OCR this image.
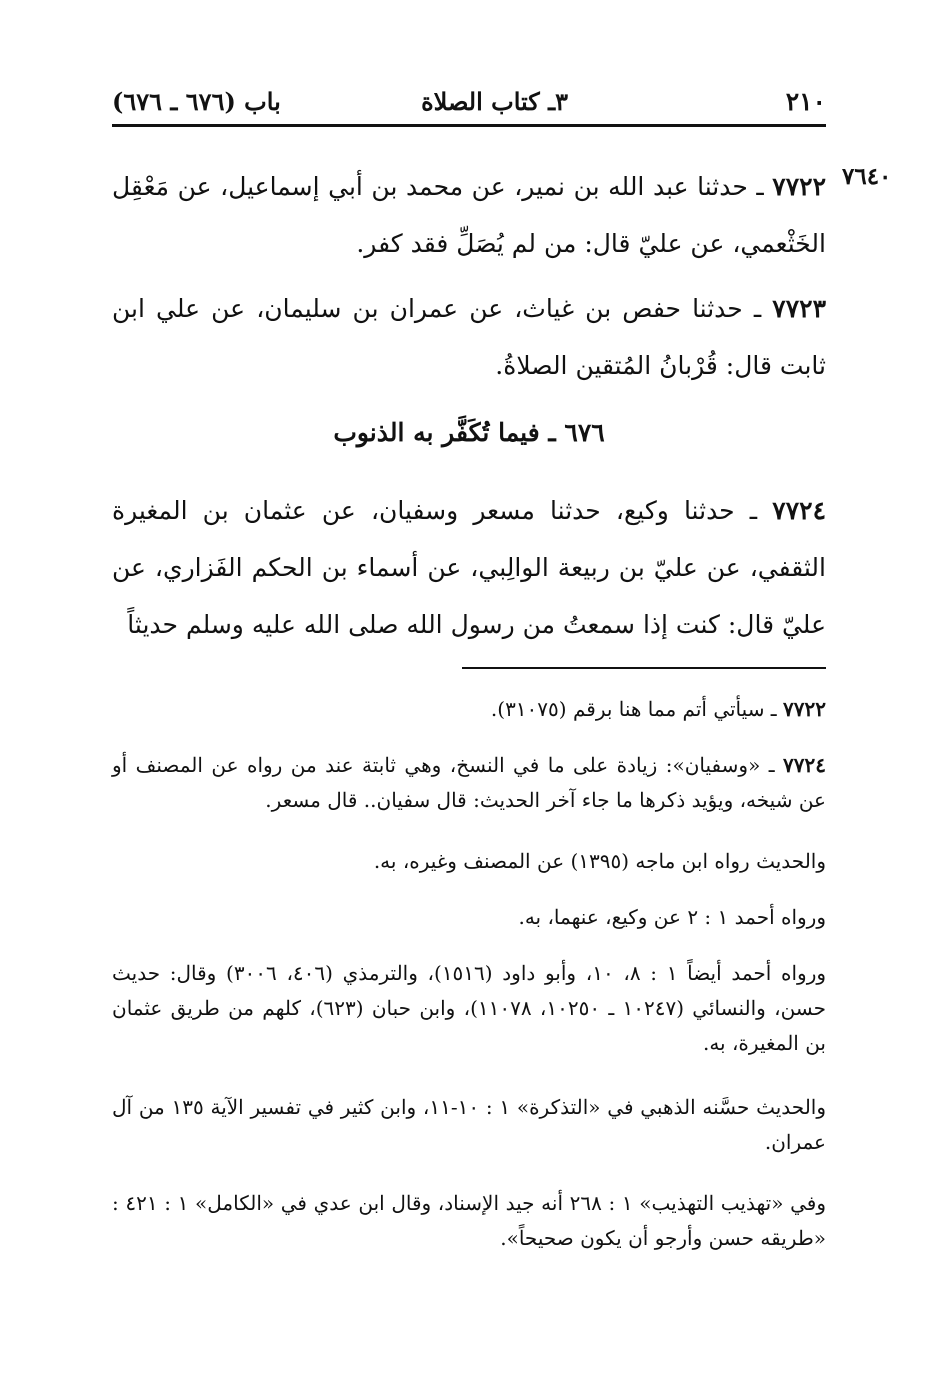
٢١٠
٣ـ كتاب الصلاة
باب (٦٧٦ ـ ٦٧٦)
٧٦٤٠
٧٧٢٢ ـ حدثنا عبد الله بن نمير، عن محمد بن أبي إسماعيل، عن مَعْقِل الخَثْعمي، عن عليّ قال: من لم يُصَلِّ فقد كفر.
٧٧٢٣ ـ حدثنا حفص بن غياث، عن عمران بن سليمان، عن علي ابن ثابت قال: قُرْبانُ المُتقين الصلاةُ.
٦٧٦ ـ فيما تُكَفَّر به الذنوب
٧٧٢٤ ـ حدثنا وكيع، حدثنا مسعر وسفيان، عن عثمان بن المغيرة الثقفي، عن عليّ بن ربيعة الوالِبي، عن أسماء بن الحكم الفَزاري، عن عليّ قال: كنت إذا سمعتُ من رسول الله صلى الله عليه وسلم حديثاً
٧٧٢٢ ـ سيأتي أتم مما هنا برقم (٣١٠٧٥).
٧٧٢٤ ـ «وسفيان»: زيادة على ما في النسخ، وهي ثابتة عند من رواه عن المصنف أو عن شيخه، ويؤيد ذكرها ما جاء آخر الحديث: قال سفيان.. قال مسعر.
والحديث رواه ابن ماجه (١٣٩٥) عن المصنف وغيره، به.
ورواه أحمد ١ : ٢ عن وكيع، عنهما، به.
ورواه أحمد أيضاً ١ : ٨، ١٠، وأبو داود (١٥١٦)، والترمذي (٤٠٦، ٣٠٠٦) وقال: حديث حسن، والنسائي (١٠٢٤٧ ـ ١٠٢٥٠، ١١٠٧٨)، وابن حبان (٦٢٣)، كلهم من طريق عثمان بن المغيرة، به.
والحديث حسَّنه الذهبي في «التذكرة» ١ : ١٠-١١، وابن كثير في تفسير الآية ١٣٥ من آل عمران.
وفي «تهذيب التهذيب» ١ : ٢٦٨ أنه جيد الإسناد، وقال ابن عدي في «الكامل» ١ : ٤٢١ : «طريقه حسن وأرجو أن يكون صحيحاً».
